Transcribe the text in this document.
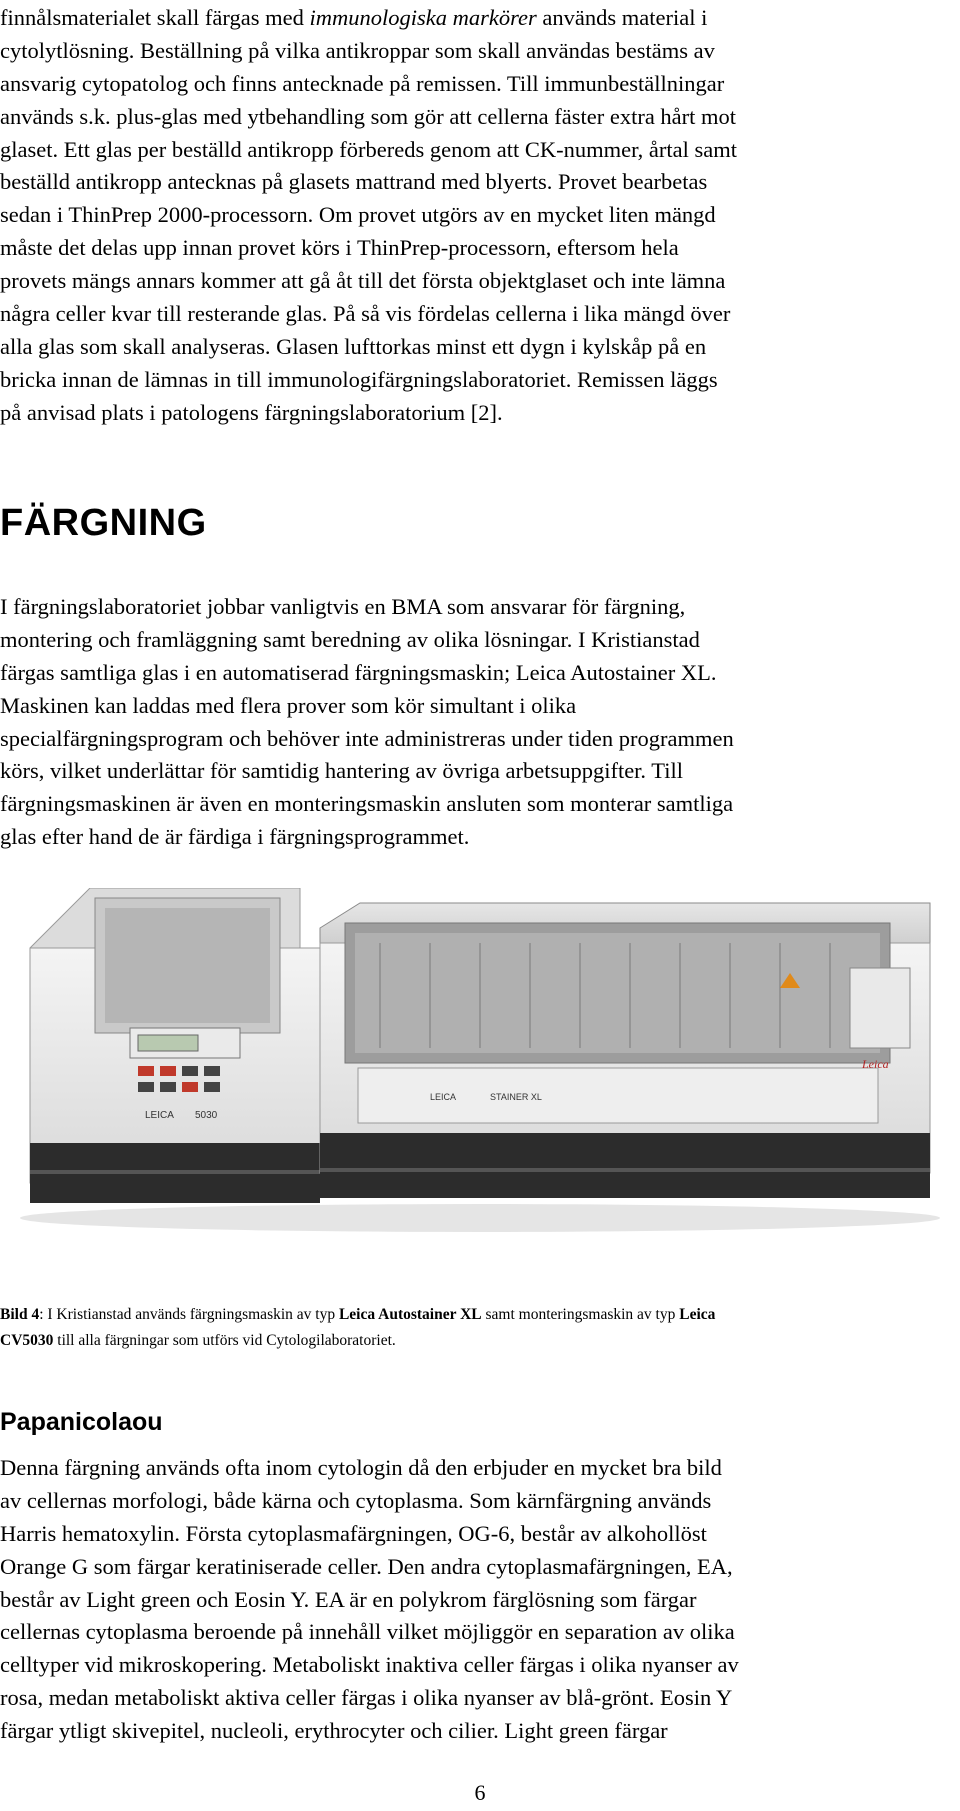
finnålsmaterialet skall färgas med immunologiska markörer används material i
cytolytlösning. Beställning på vilka antikroppar som skall användas bestäms av
ansvarig cytopatolog och finns antecknade på remissen. Till immunbeställningar
används s.k. plus-glas med ytbehandling som gör att cellerna fäster extra hårt mot
glaset. Ett glas per beställd antikropp förbereds genom att CK-nummer, årtal samt
beställd antikropp antecknas på glasets mattrand med blyerts. Provet bearbetas
sedan i ThinPrep 2000-processorn. Om provet utgörs av en mycket liten mängd
måste det delas upp innan provet körs i ThinPrep-processorn, eftersom hela
provets mängs annars kommer att gå åt till det första objektglaset och inte lämna
några celler kvar till resterande glas. På så vis fördelas cellerna i lika mängd över
alla glas som skall analyseras. Glasen lufttorkas minst ett dygn i kylskåp på en
bricka innan de lämnas in till immunologifärgningslaboratoriet. Remissen läggs
på anvisad plats i patologens färgningslaboratorium [2].
FÄRGNING
I färgningslaboratoriet jobbar vanligtvis en BMA som ansvarar för färgning,
montering och framläggning samt beredning av olika lösningar. I Kristianstad
färgas samtliga glas i en automatiserad färgningsmaskin; Leica Autostainer XL.
Maskinen kan laddas med flera prover som kör simultant i olika
specialfärgningsprogram och behöver inte administreras under tiden programmen
körs, vilket underlättar för samtidig hantering av övriga arbetsuppgifter. Till
färgningsmaskinen är även en monteringsmaskin ansluten som monterar samtliga
glas efter hand de är färdiga i färgningsprogrammet.
LEICA 5030
LEICA	STAINER XL
Leica
Bild 4: I Kristianstad används färgningsmaskin av typ Leica Autostainer XL samt monteringsmaskin av typ Leica
CV5030 till alla färgningar som utförs vid Cytologilaboratoriet.
Papanicolaou
Denna färgning används ofta inom cytologin då den erbjuder en mycket bra bild
av cellernas morfologi, både kärna och cytoplasma. Som kärnfärgning används
Harris hematoxylin. Första cytoplasmafärgningen, OG-6, består av alkohollöst
Orange G som färgar keratiniserade celler. Den andra cytoplasmafärgningen, EA,
består av Light green och Eosin Y. EA är en polykrom färglösning som färgar
cellernas cytoplasma beroende på innehåll vilket möjliggör en separation av olika
celltyper vid mikroskopering. Metaboliskt inaktiva celler färgas i olika nyanser av
rosa, medan metaboliskt aktiva celler färgas i olika nyanser av blå-grönt. Eosin Y
färgar ytligt skivepitel, nucleoli, erythrocyter och cilier. Light green färgar
6
